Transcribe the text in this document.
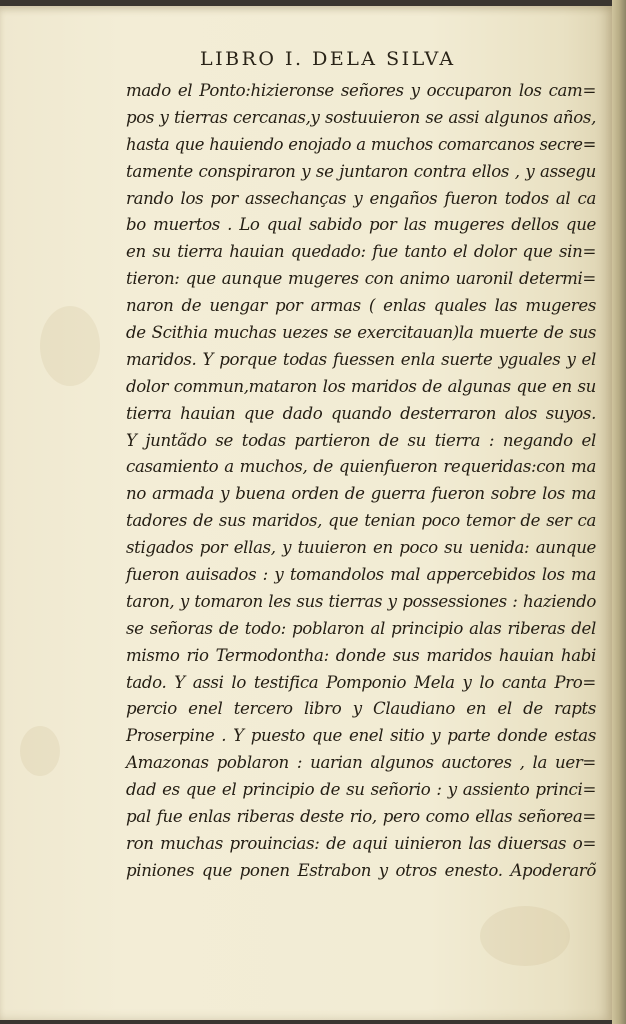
LIBRO I. DELA SILVA
mado el Ponto:hizieronse señores y occuparon los cam=
pos y tierras cercanas,y sostuuieron se assi algunos años,
hasta que hauiendo enojado a muchos comarcanos secre=
tamente conspiraron y se juntaron contra ellos , y assegu
rando los por assechanças y engaños fueron todos al ca
bo muertos . Lo qual sabido por las mugeres dellos que
en su tierra hauian quedado: fue tanto el dolor que sin=
tieron: que aunque mugeres con animo uaronil determi=
naron de uengar por armas ( enlas quales las mugeres
de Scithia muchas uezes se exercitauan)la muerte de sus
maridos. Y porque todas fuessen enla suerte yguales y el
dolor commun,mataron los maridos de algunas que en su
tierra hauian que dado quando desterraron alos suyos.
Y juntãdo se todas partieron de su tierra : negando el
casamiento a muchos, de quienfueron requeridas:con ma
no armada y buena orden de guerra fueron sobre los ma
tadores de sus maridos, que tenian poco temor de ser ca
stigados por ellas, y tuuieron en poco su uenida: aunque
fueron auisados : y tomandolos mal appercebidos los ma
taron, y tomaron les sus tierras y possessiones : haziendo
se señoras de todo: poblaron al principio alas riberas del
mismo rio Termodontha: donde sus maridos hauian habi
tado. Y assi lo testifica Pomponio Mela y lo canta Pro=
percio enel tercero libro y Claudiano en el de rapts
Proserpine . Y puesto que enel sitio y parte donde estas
Amazonas poblaron : uarian algunos auctores , la uer=
dad es que el principio de su señorio : y assiento princi=
pal fue enlas riberas deste rio, pero como ellas señorea=
ron muchas prouincias: de aqui uinieron las diuersas o=
piniones que ponen Estrabon y otros enesto. Apoderarõ
